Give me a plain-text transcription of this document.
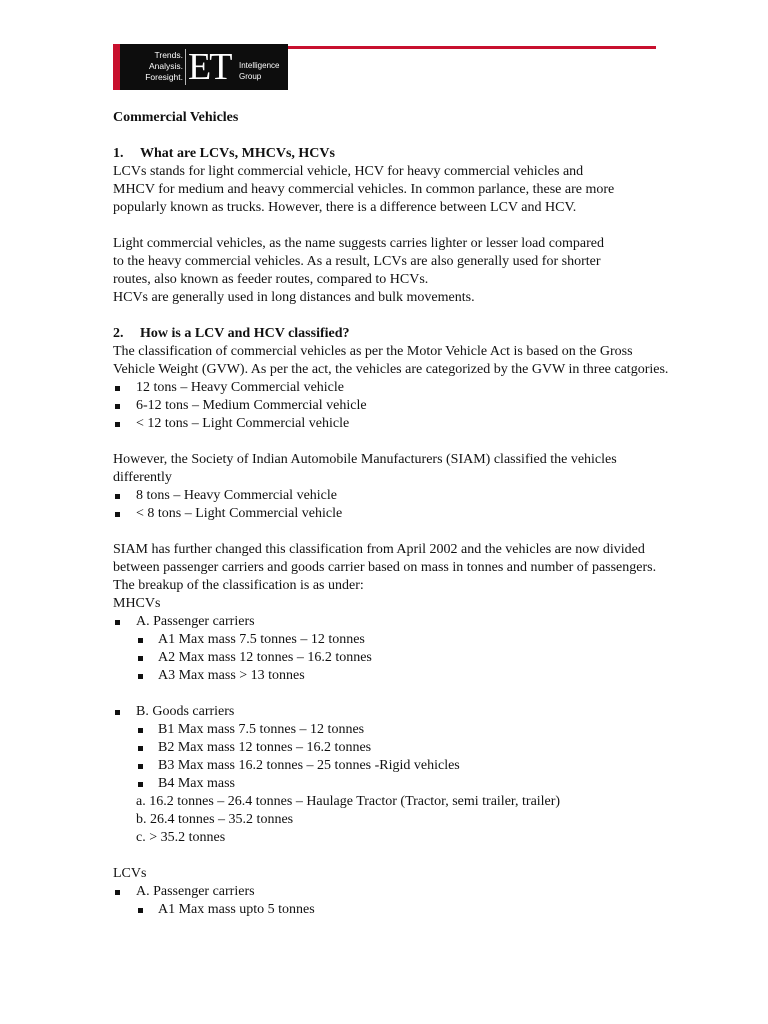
Trends.
Analysis.
Foresight. ET Intelligence
Group

Commercial Vehicles

1. What are LCVs, MHCVs, HCVs

LCVs stands for light commercial vehicle, HCV for heavy commercial vehicles and

MHCV for medium and heavy commercial vehicles. In common parlance, these are more

popularly known as trucks. However, there is a difference between LCV and HCV.

Light commercial vehicles, as the name suggests carries lighter or lesser load compared

to the heavy commercial vehicles. As a result, LCVs are also generally used for shorter

routes, also known as feeder routes, compared to HCVs.

HCVs are generally used in long distances and bulk movements.

2. How is a LCV and HCV classified?

The classification of commercial vehicles as per the Motor Vehicle Act is based on the Gross

Vehicle Weight (GVW). As per the act, the vehicles are categorized by the GVW in three catgories.

12 tons – Heavy Commercial vehicle
6-12 tons – Medium Commercial vehicle
< 12 tons – Light Commercial vehicle

However, the Society of Indian Automobile Manufacturers (SIAM) classified the vehicles

differently

8 tons – Heavy Commercial vehicle
< 8 tons – Light Commercial vehicle

SIAM has further changed this classification from April 2002 and the vehicles are now divided

between passenger carriers and goods carrier based on mass in tonnes and number of passengers.

The breakup of the classification is as under:

MHCVs

A. Passenger carriers
A1 Max mass 7.5 tonnes – 12 tonnes
A2 Max mass 12 tonnes – 16.2 tonnes
A3 Max mass > 13 tonnes
B. Goods carriers
B1 Max mass 7.5 tonnes – 12 tonnes
B2 Max mass 12 tonnes – 16.2 tonnes
B3 Max mass 16.2 tonnes – 25 tonnes -Rigid vehicles
B4 Max mass

a. 16.2 tonnes – 26.4 tonnes – Haulage Tractor (Tractor, semi trailer, trailer)

b. 26.4 tonnes – 35.2 tonnes

c. > 35.2 tonnes

LCVs

A. Passenger carriers
A1 Max mass upto 5 tonnes
